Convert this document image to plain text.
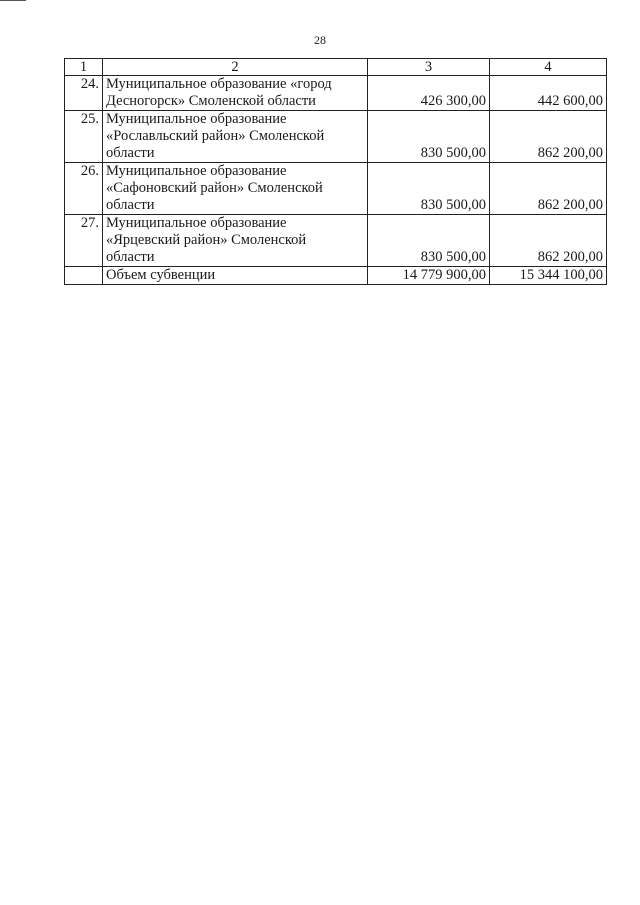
28
1	2	3	4
24.	Муниципальное образование «город
Десногорск» Смоленской области	426 300,00	442 600,00
25.	Муниципальное образование
«Рославльский район» Смоленской
области	830 500,00	862 200,00
26.	Муниципальное образование
«Сафоновский район» Смоленской
области	830 500,00	862 200,00
27.	Муниципальное образование
«Ярцевский район» Смоленской
области	830 500,00	862 200,00
	Объем субвенции	14 779 900,00	15 344 100,00
